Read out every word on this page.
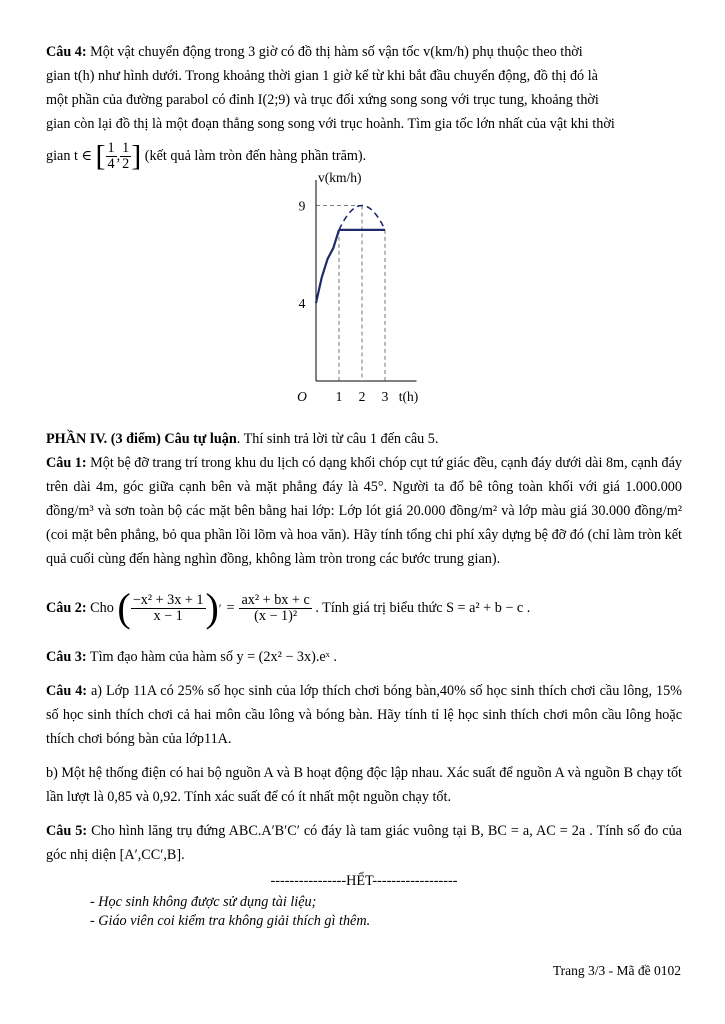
Câu 4: Một vật chuyển động trong 3 giờ có đồ thị hàm số vận tốc v(km/h) phụ thuộc theo thời

gian t(h) như hình dưới. Trong khoảng thời gian 1 giờ kể từ khi bắt đầu chuyển động, đồ thị đó là

một phần của đường parabol có đỉnh I(2;9) và trục đối xứng song song với trục tung, khoảng thời

gian còn lại đồ thị là một đoạn thẳng song song với trục hoành. Tìm gia tốc lớn nhất của vật khi thời

gian t ∈ [ $\frac{1}{4}$ , $\frac{1}{2}$ ] (kết quả làm tròn đến hàng phần trăm).

v(km/h)
t(h)
O 1 2 3
4
9

PHẦN IV. (3 điểm) Câu tự luận. Thí sinh trả lời từ câu 1 đến câu 5.

Câu 1: Một bệ đỡ trang trí trong khu du lịch có dạng khối chóp cụt tứ giác đều, cạnh đáy dưới dài 8m, cạnh đáy trên dài 4m, góc giữa cạnh bên và mặt phẳng đáy là 45°. Người ta đổ bê tông toàn khối với giá 1.000.000 đồng/m³ và sơn toàn bộ các mặt bên bằng hai lớp: Lớp lót giá 20.000 đồng/m² và lớp màu giá 30.000 đồng/m² (coi mặt bên phẳng, bỏ qua phần lồi lõm và hoa văn). Hãy tính tổng chi phí xây dựng bệ đỡ đó (chỉ làm tròn kết quả cuối cùng đến hàng nghìn đồng, không làm tròn trong các bước trung gian).

Câu 2: Cho ( $\frac{\text{−x² + 3x + 1}}{x - 1}$ ) ′ = $\frac{\text{ax² + bx + c}}{\text{(x − 1)²}}$ . Tính giá trị biểu thức S = a² + b − c .

Câu 3: Tìm đạo hàm của hàm số y = (2x² − 3x).eˣ .

Câu 4: a) Lớp 11A có 25% số học sinh của lớp thích chơi bóng bàn,40% số học sinh thích chơi cầu lông, 15% số học sinh thích chơi cả hai môn cầu lông và bóng bàn. Hãy tính tỉ lệ học sinh thích chơi môn cầu lông hoặc thích chơi bóng bàn của lớp11A.

b) Một hệ thống điện có hai bộ nguồn A và B hoạt động độc lập nhau. Xác suất để nguồn A và nguồn B chạy tốt lần lượt là 0,85 và 0,92. Tính xác suất để có ít nhất một nguồn chạy tốt.

Câu 5: Cho hình lăng trụ đứng ABC.A′B′C′ có đáy là tam giác vuông tại B, BC = a, AC = 2a . Tính số đo của góc nhị diện [A′,CC′,B].

----------------HẾT------------------

- Học sinh không được sử dụng tài liệu;

- Giáo viên coi kiểm tra không giải thích gì thêm.

Trang 3/3 - Mã đề 0102
